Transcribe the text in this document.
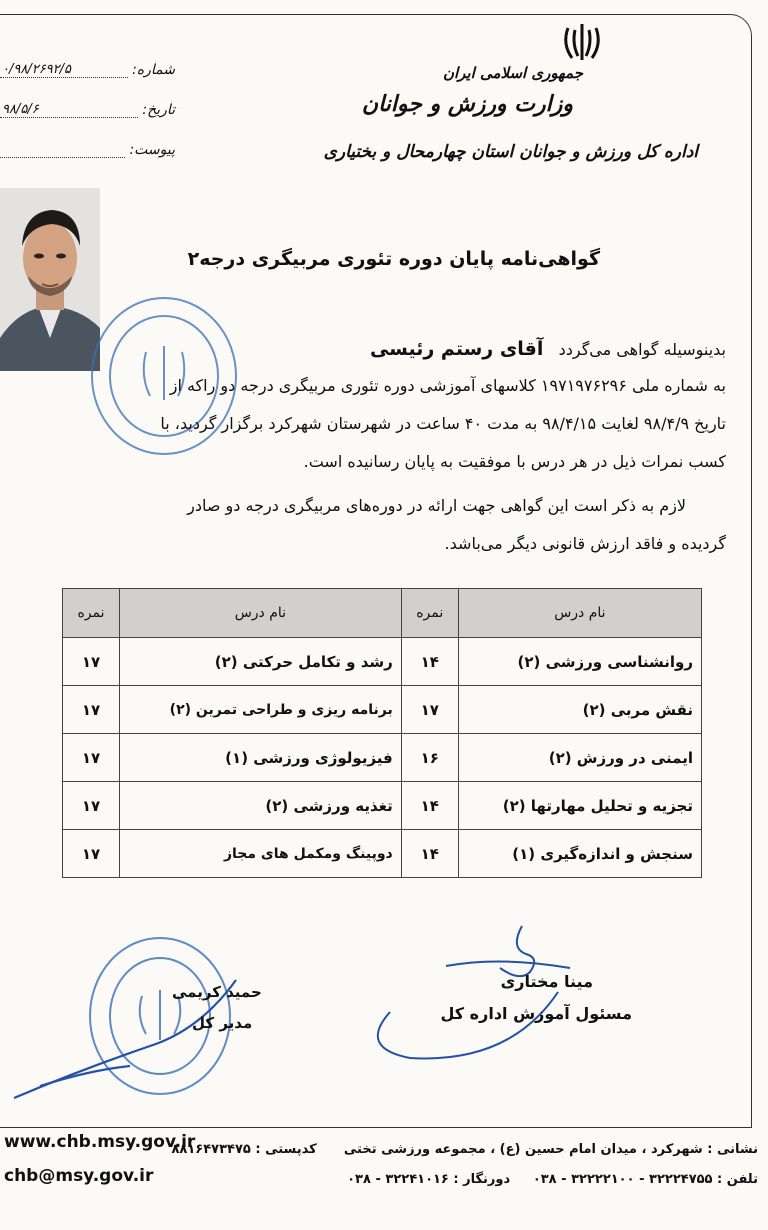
جمهوری اسلامی ایران
وزارت ورزش و جوانان
اداره کل ورزش و جوانان استان چهارمحال و بختیاری
شماره:
۰/۹۸/۲۶۹۲/۵
تاریخ:
۹۸/۵/۶
پیوست:
گواهی‌نامه پایان دوره تئوری مربیگری درجه۲
بدینوسیله گواهی می‌گردد   آقای رستم رئیسی
به شماره ملی ۱۹۷۱۹۷۶۲۹۶ کلاسهای آموزشی دوره تئوری مربیگری درجه دو راکه از
تاریخ ۹۸/۴/۹ لغایت ۹۸/۴/۱۵ به مدت ۴۰ ساعت در شهرستان شهرکرد برگزار گردید، با
کسب نمرات ذیل در هر درس با موفقیت به پایان رسانیده است.
لازم به ذکر است این گواهی جهت ارائه در دوره‌های مربیگری درجه دو صادر
گردیده و فاقد ارزش قانونی دیگر می‌باشد.
نام درس	نمره	نام درس	نمره
روانشناسی ورزشی (۲)	۱۴	رشد و تکامل حرکتی (۲)	۱۷
نقش مربی (۲)	۱۷	برنامه ریزی و طراحی تمرین (۲)	۱۷
ایمنی در ورزش (۲)	۱۶	فیزیولوژی ورزشی (۱)	۱۷
تجزیه و تحلیل مهارتها (۲)	۱۴	تغذیه ورزشی (۲)	۱۷
سنجش و اندازه‌گیری (۱)	۱۴	دوپینگ ومکمل های مجاز	۱۷
مینا مختاری
مسئول آموزش اداره کل
حمید کریمی
مدیر کل
نشانی : شهرکرد ، میدان امام حسین (ع) ، مجموعه ورزشی تختی      کدپستی : ۸۸۱۶۴۷۳۴۷۵
تلفن : ۳۲۲۲۴۷۵۵ - ۳۲۲۲۲۱۰۰ - ۰۳۸     دورنگار : ۳۲۲۴۱۰۱۶ - ۰۳۸
www.chb.msy.gov.ir
chb@msy.gov.ir
